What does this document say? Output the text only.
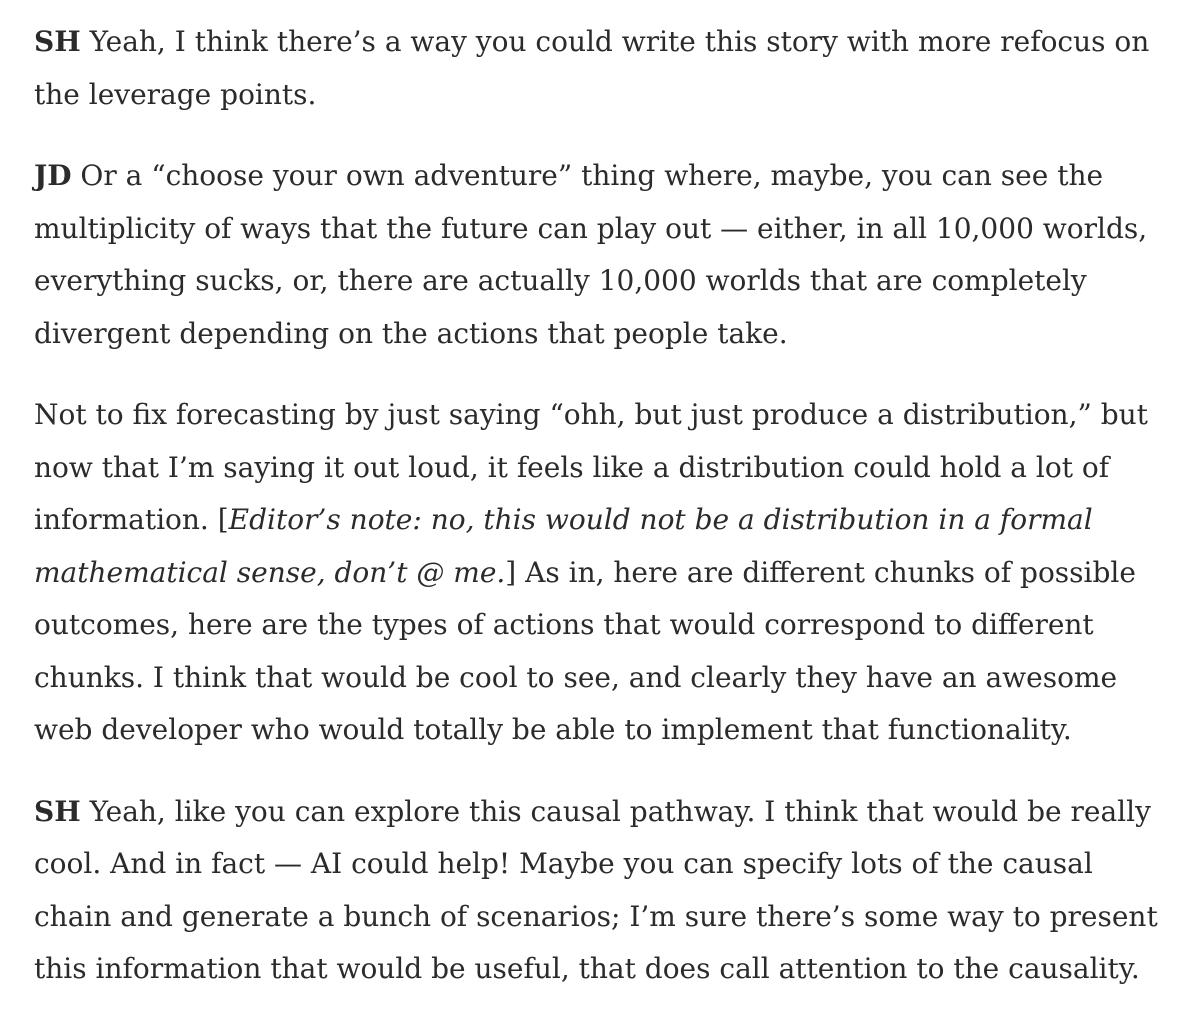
SH Yeah, I think there’s a way you could write this story with more refocus on the leverage points.

JD Or a “choose your own adventure” thing where, maybe, you can see the multiplicity of ways that the future can play out — either, in all 10,000 worlds, everything sucks, or, there are actually 10,000 worlds that are completely divergent depending on the actions that people take.

Not to fix forecasting by just saying “ohh, but just produce a distribution,” but now that I’m saying it out loud, it feels like a distribution could hold a lot of information. [Editor’s note: no, this would not be a distribution in a formal mathematical sense, don’t @ me.] As in, here are different chunks of possible outcomes, here are the types of actions that would correspond to different chunks. I think that would be cool to see, and clearly they have an awesome web developer who would totally be able to implement that functionality.

SH Yeah, like you can explore this causal pathway. I think that would be really cool. And in fact — AI could help! Maybe you can specify lots of the causal chain and generate a bunch of scenarios; I’m sure there’s some way to present this information that would be useful, that does call attention to the causality.
